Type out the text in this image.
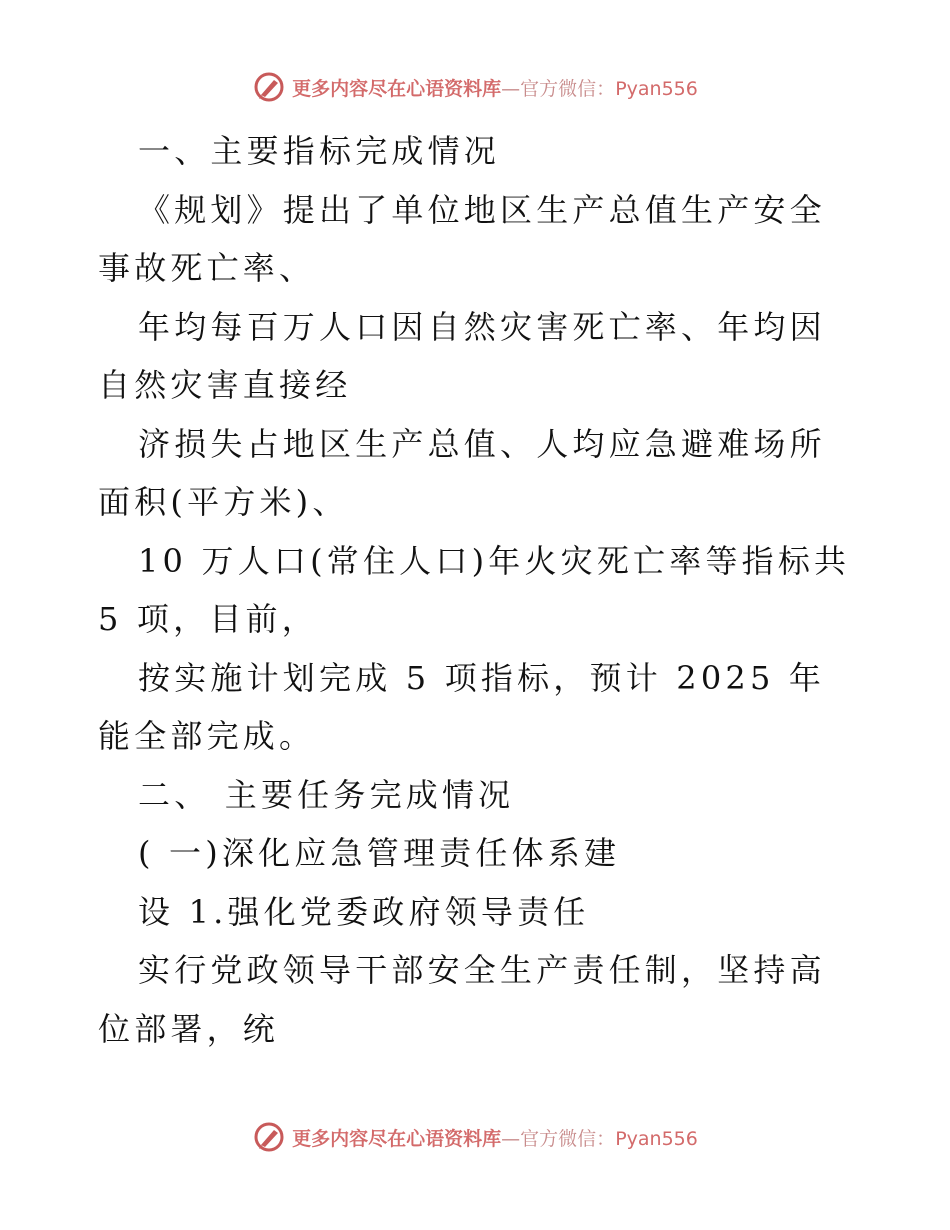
更多内容尽在心语资料库—官方微信：Pyan556

一、主要指标完成情况

《规划》提出了单位地区生产总值生产安全事故死亡率、

年均每百万人口因自然灾害死亡率、年均因自然灾害直接经

济损失占地区生产总值、人均应急避难场所面积(平方米)、

10 万人口(常住人口)年火灾死亡率等指标共 5 项，目前，

按实施计划完成 5 项指标，预计 2025 年能全部完成。

二、 主要任务完成情况

( 一)深化应急管理责任体系建

设 1.强化党委政府领导责任

实行党政领导干部安全生产责任制，坚持高位部署，统

更多内容尽在心语资料库—官方微信：Pyan556
